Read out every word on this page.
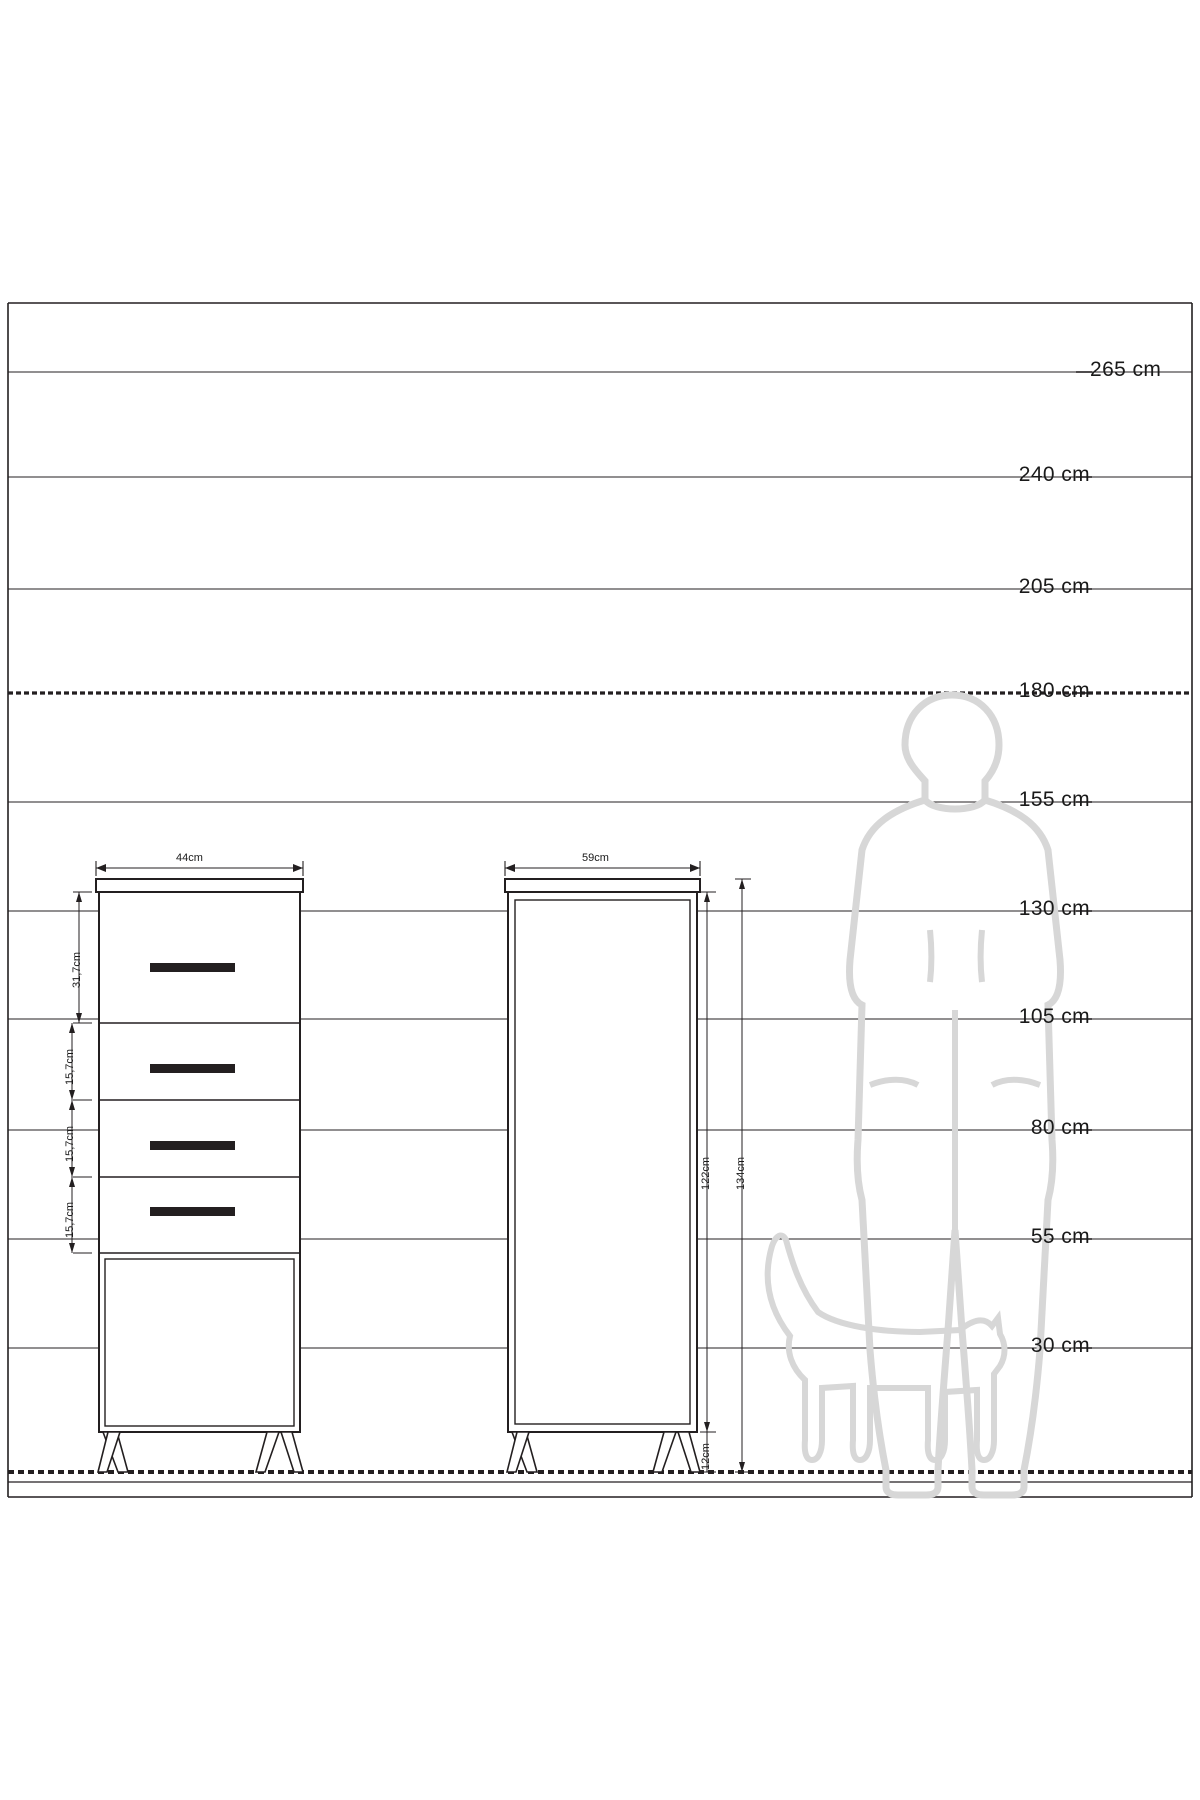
265 cm
240 cm
205 cm
180 cm
155 cm
130 cm
105 cm
80 cm
55 cm
30 cm
44cm	59cm
31,7cm
15,7cm
15,7cm
15,7cm
122cm 134cm
12cm
